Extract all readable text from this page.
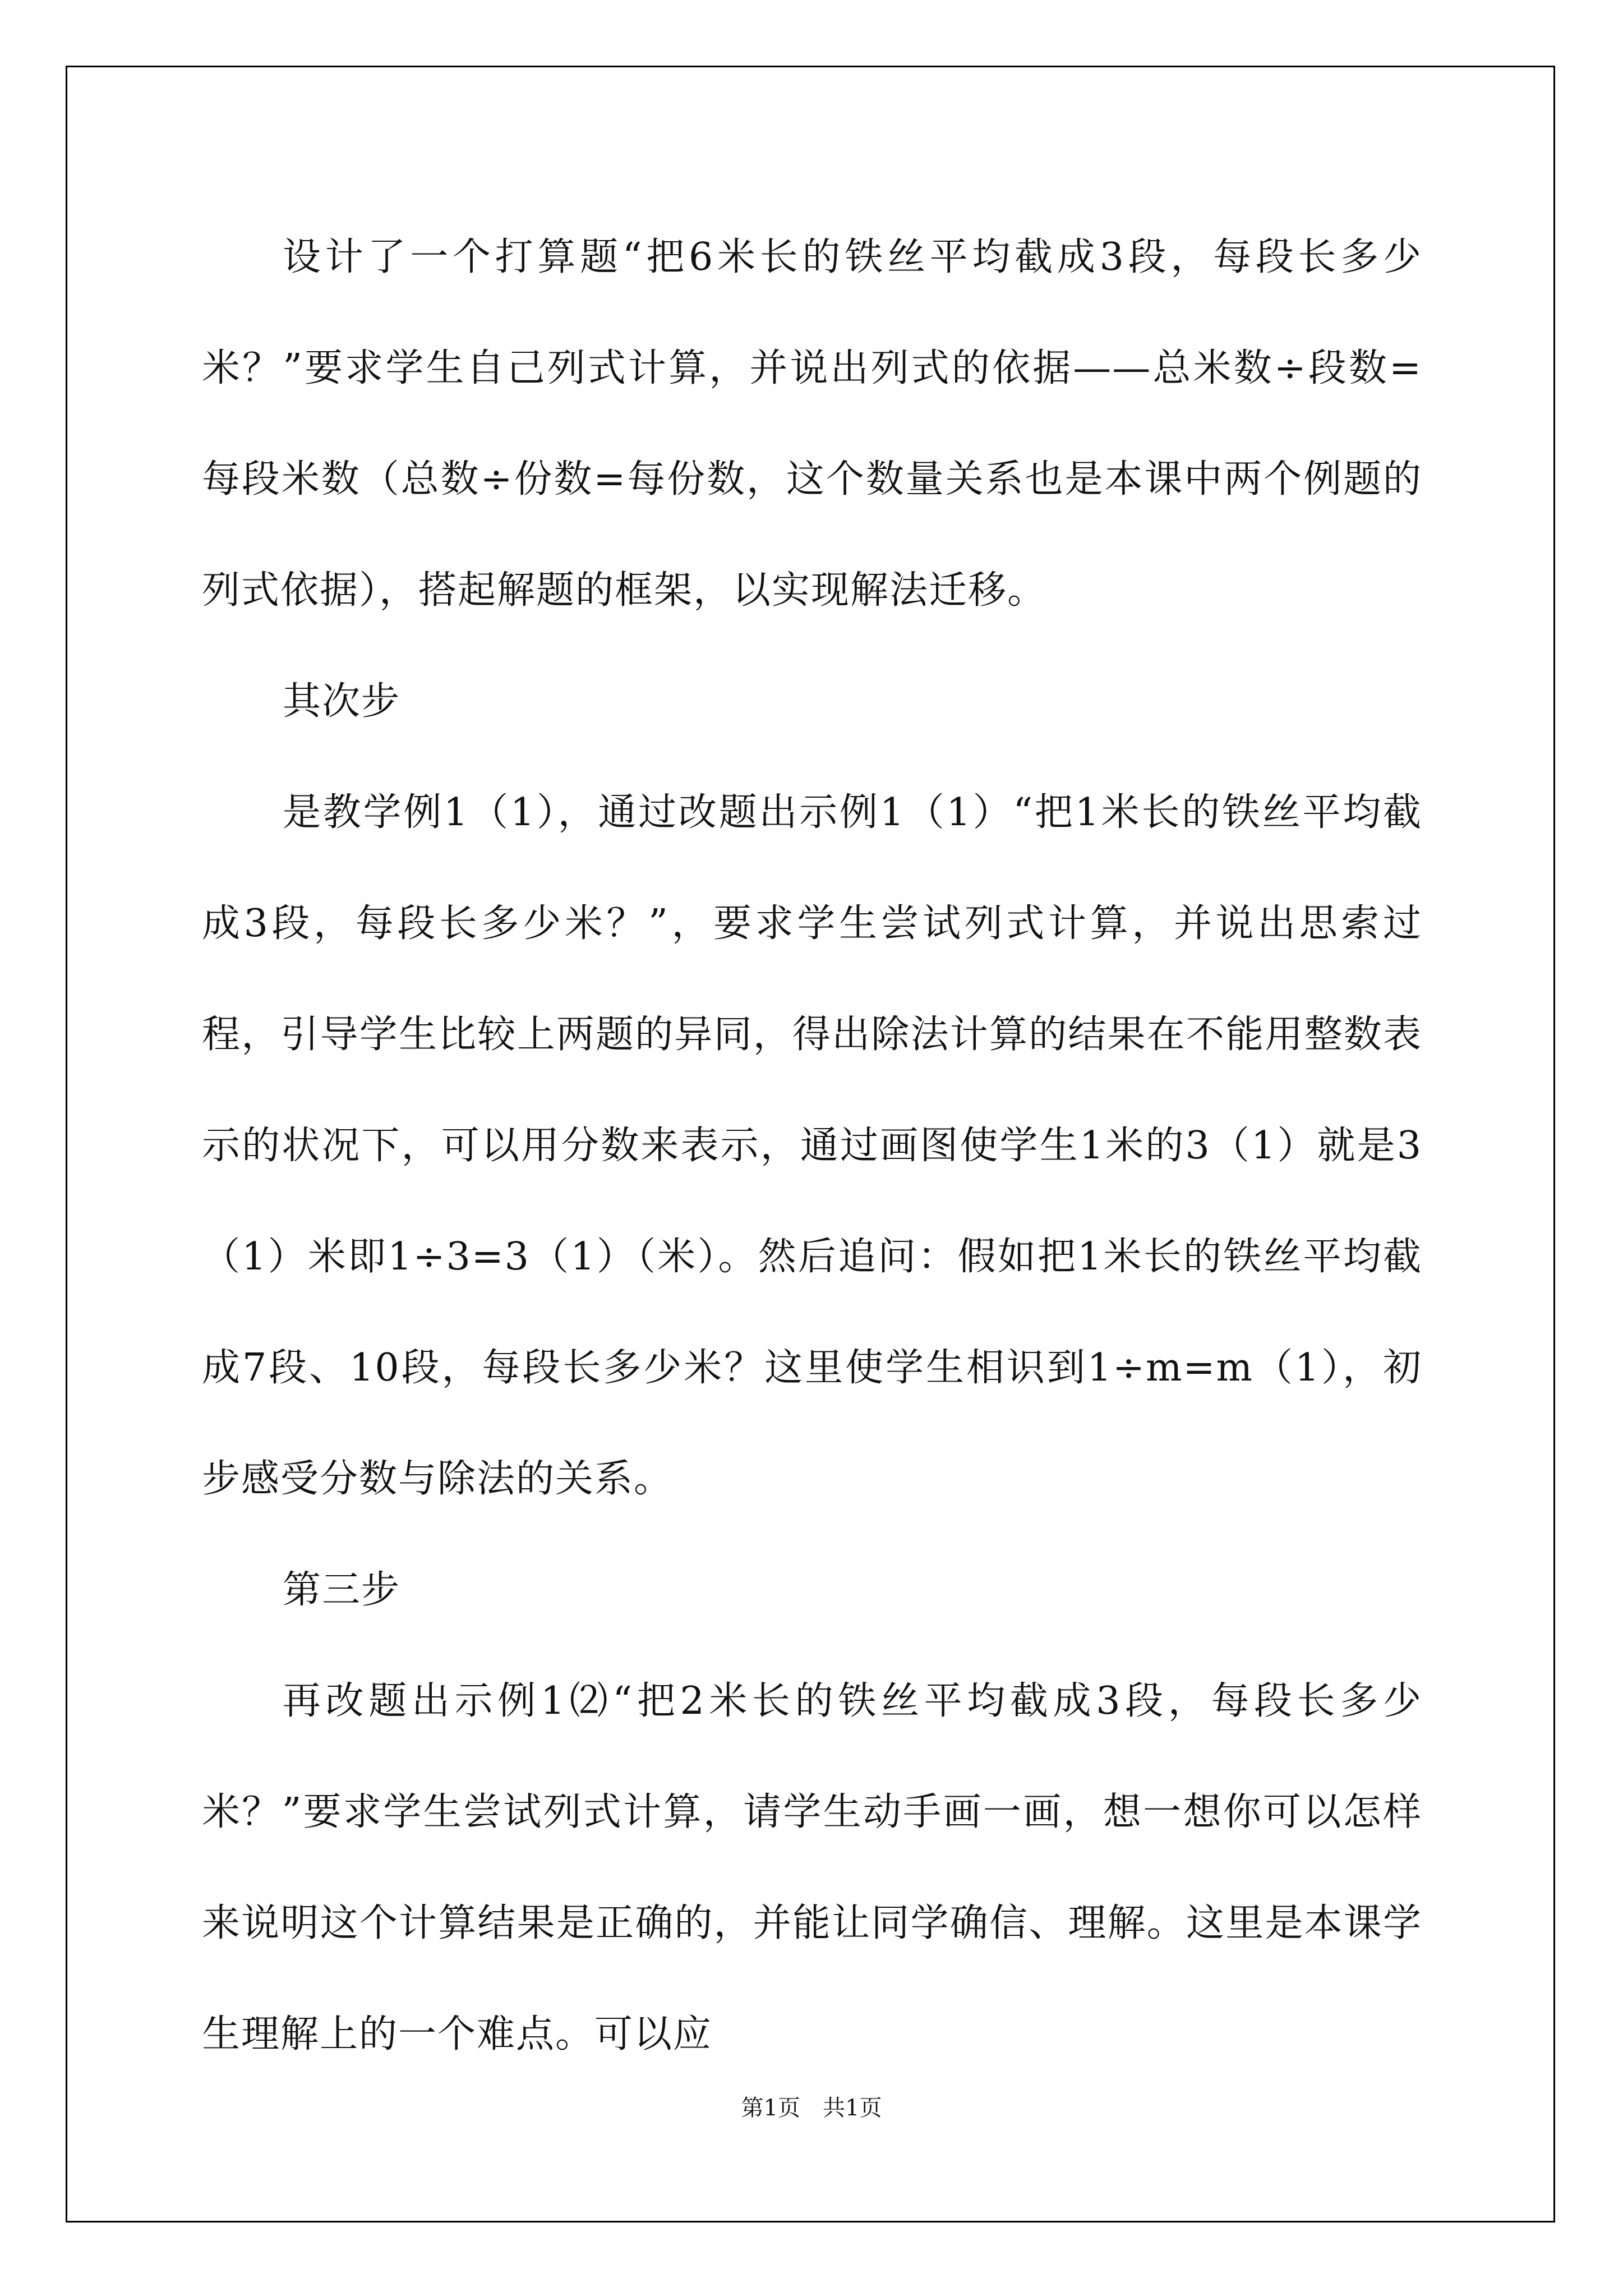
设计了一个打算题“把6米长的铁丝平均截成3段，每段长多少米？”要求学生自己列式计算，并说出列式的依据——总米数÷段数=每段米数（总数÷份数=每份数，这个数量关系也是本课中两个例题的列式依据），搭起解题的框架，以实现解法迁移。

其次步

是教学例1（1），通过改题出示例1（1）“把1米长的铁丝平均截成3段，每段长多少米？”，要求学生尝试列式计算，并说出思索过程，引导学生比较上两题的异同，得出除法计算的结果在不能用整数表示的状况下，可以用分数来表示，通过画图使学生1米的3（1）就是3（1）米即1÷3=3（1）（米）。然后追问：假如把1米长的铁丝平均截成7段、10段，每段长多少米？这里使学生相识到1÷m=m（1），初步感受分数与除法的关系。

第三步

再改题出示例1⑵“把2米长的铁丝平均截成3段，每段长多少米？”要求学生尝试列式计算，请学生动手画一画，想一想你可以怎样来说明这个计算结果是正确的，并能让同学确信、理解。这里是本课学生理解上的一个难点。可以应

第1页　共1页
